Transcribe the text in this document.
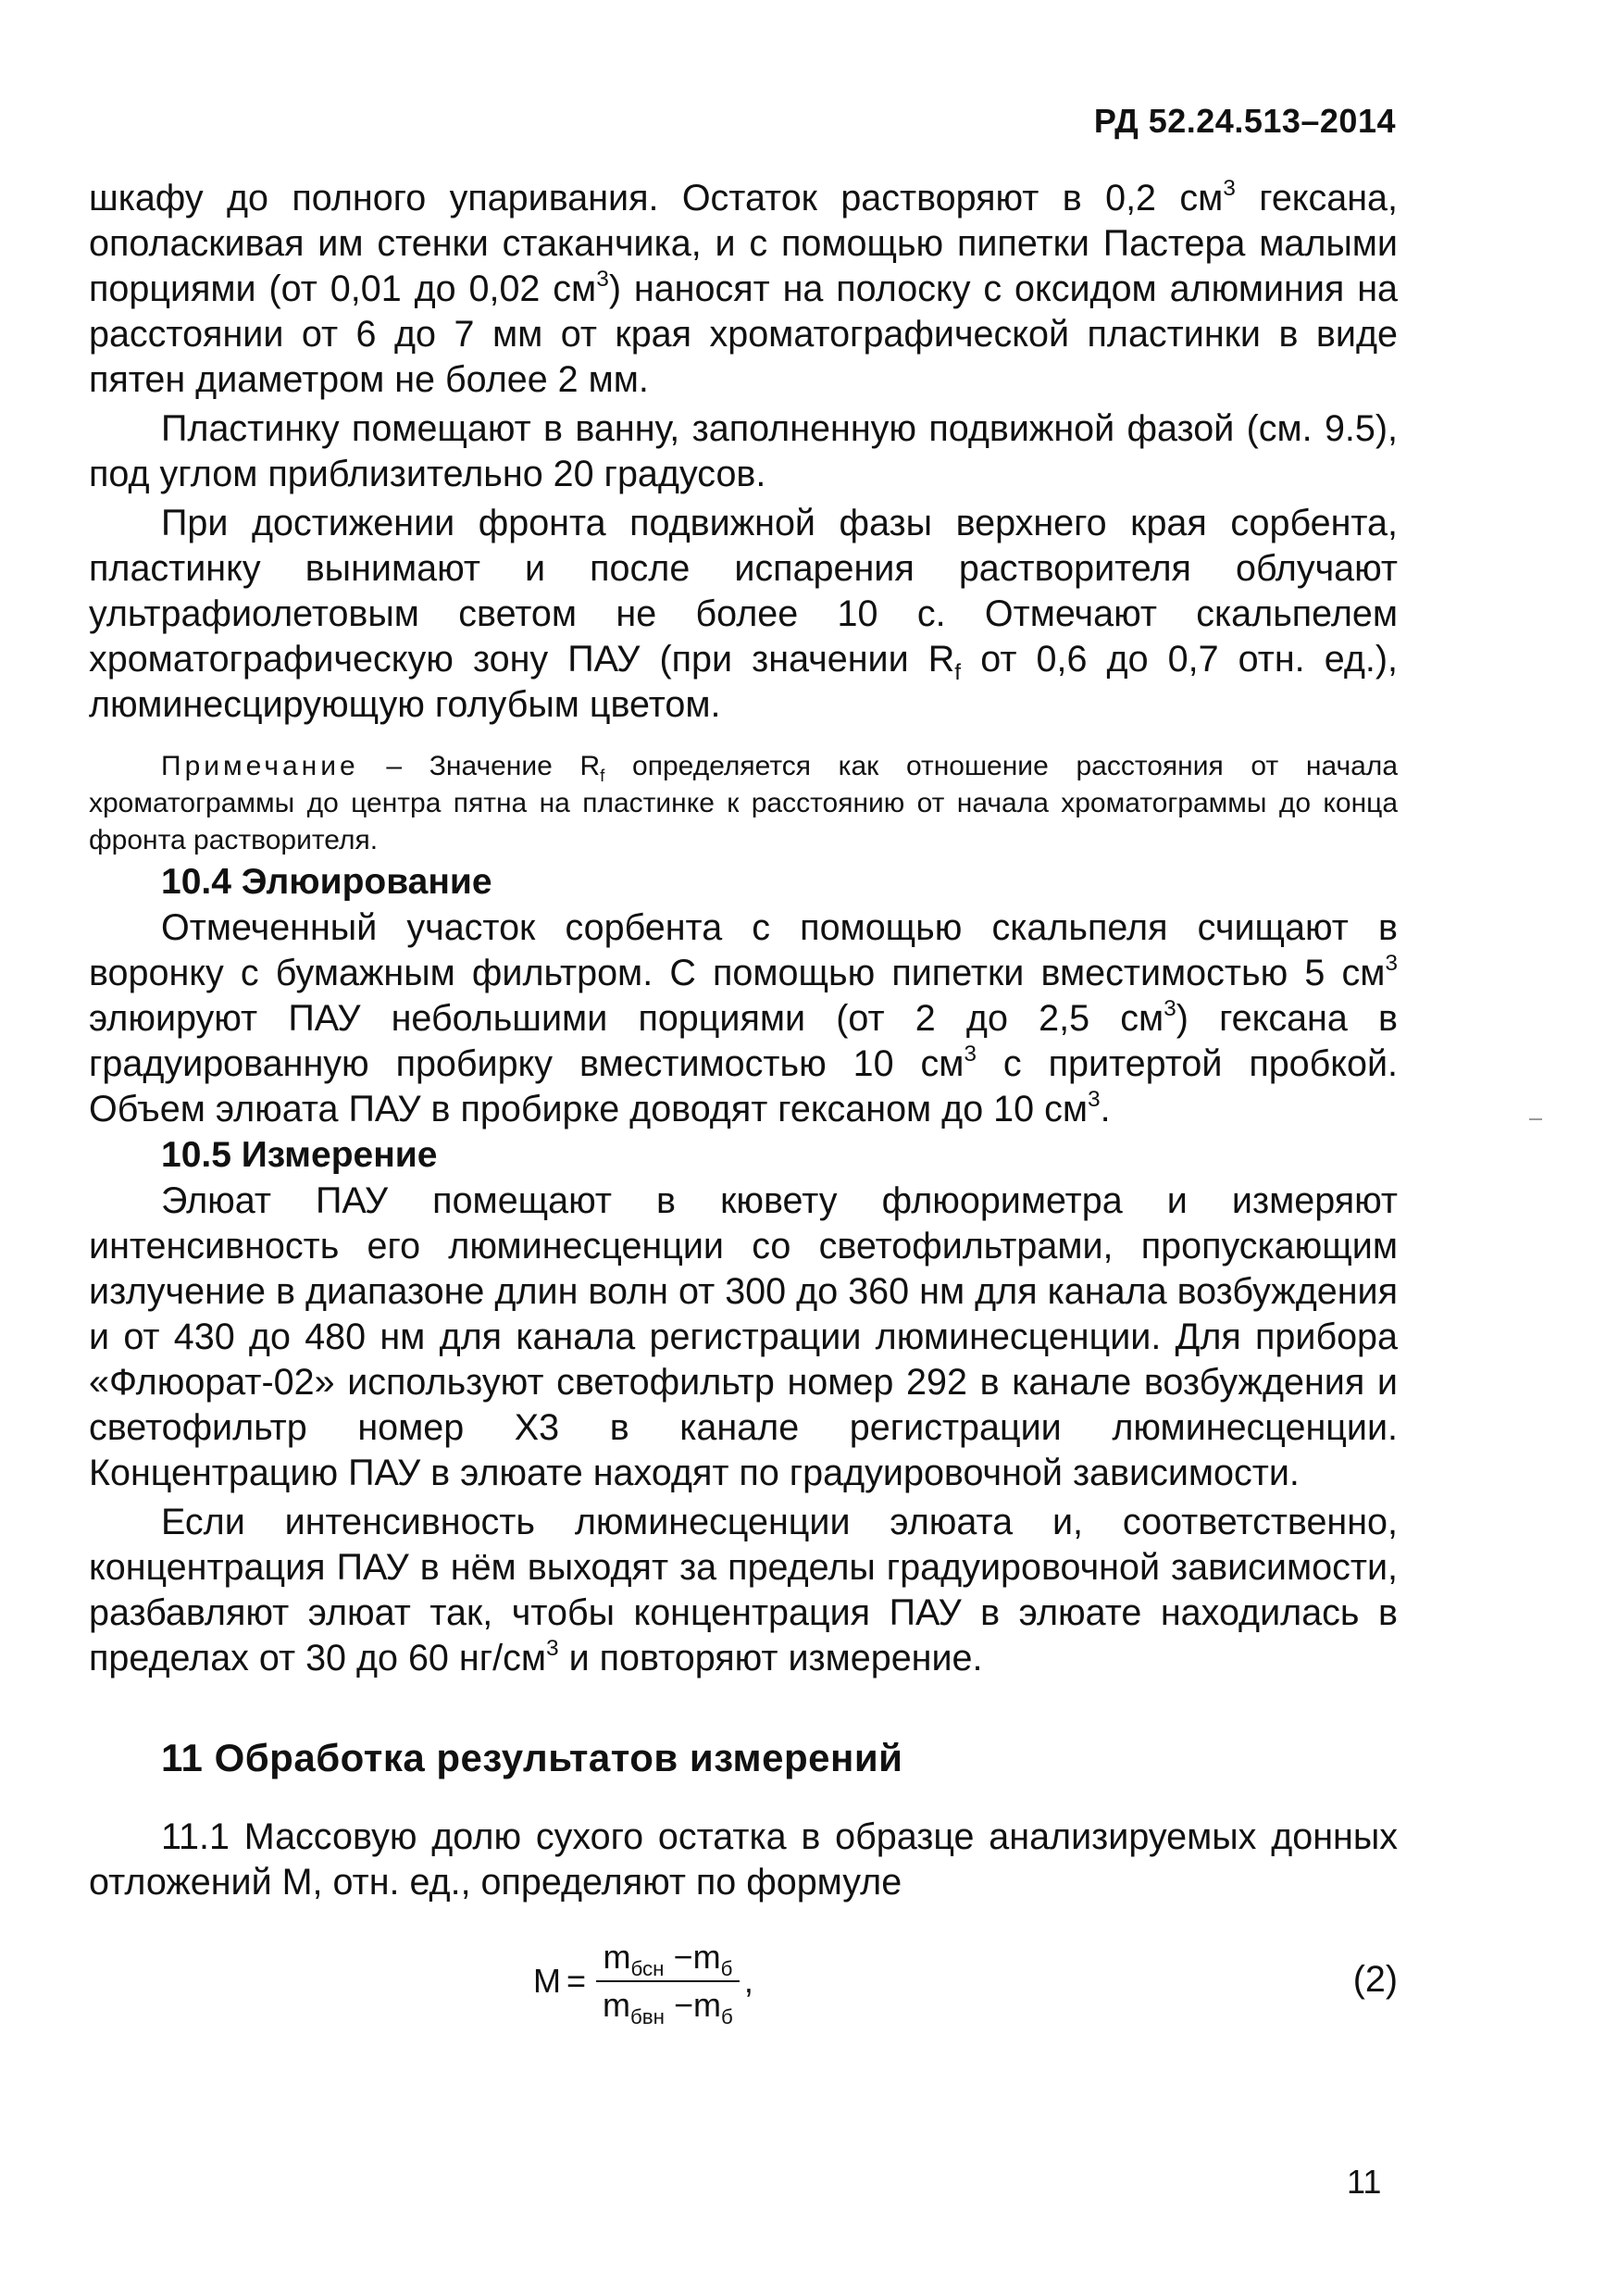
РД 52.24.513–2014

шкафу до полного упаривания. Остаток растворяют в 0,2 $см^3$ гексана, ополаскивая им стенки стаканчика, и с помощью пипетки Пастера малыми порциями (от 0,01 до 0,02 $см^3$) наносят на полоску с оксидом алюминия на расстоянии от 6 до 7 мм от края хроматографической пластинки в виде пятен диаметром не более 2 мм.

Пластинку помещают в ванну, заполненную подвижной фазой (см. 9.5), под углом приблизительно 20 градусов.

При достижении фронта подвижной фазы верхнего края сорбента, пластинку вынимают и после испарения растворителя облучают ультрафиолетовым светом не более 10 с. Отмечают скальпелем хроматографическую зону ПАУ (при значении $R_f$ от 0,6 до 0,7 отн. ед.), люминесцирующую голубым цветом.

Примечание – Значение $R_f$ определяется как отношение расстояния от начала хроматограммы до центра пятна на пластинке к расстоянию от начала хроматограммы до конца фронта растворителя.

10.4 Элюирование

Отмеченный участок сорбента с помощью скальпеля счищают в воронку с бумажным фильтром. С помощью пипетки вместимостью 5 $см^3$ элюируют ПАУ небольшими порциями (от 2 до 2,5 $см^3$) гексана в градуированную пробирку вместимостью 10 $см^3$ с притертой пробкой. Объем элюата ПАУ в пробирке доводят гексаном до 10 $см^3$.

10.5 Измерение

Элюат ПАУ помещают в кювету флюориметра и измеряют интенсивность его люминесценции со светофильтрами, пропускающим излучение в диапазоне длин волн от 300 до 360 нм для канала возбуждения и от 430 до 480 нм для канала регистрации люминесценции. Для прибора «Флюорат-02» используют светофильтр номер 292 в канале возбуждения и светофильтр номер Х3 в канале регистрации люминесценции. Концентрацию ПАУ в элюате находят по градуировочной зависимости.

Если интенсивность люминесценции элюата и, соответственно, концентрация ПАУ в нём выходят за пределы градуировочной зависимости, разбавляют элюат так, чтобы концентрация ПАУ в элюате находилась в пределах от 30 до 60 $нг/см^3$ и повторяют измерение.

11 Обработка результатов измерений

11.1 Массовую долю сухого остатка в образце анализируемых донных отложений М, отн. ед., определяют по формуле

$M = \frac{m_{бсн} -m_б}{m_{бвн} -m_б}$ ,	(2)
11
